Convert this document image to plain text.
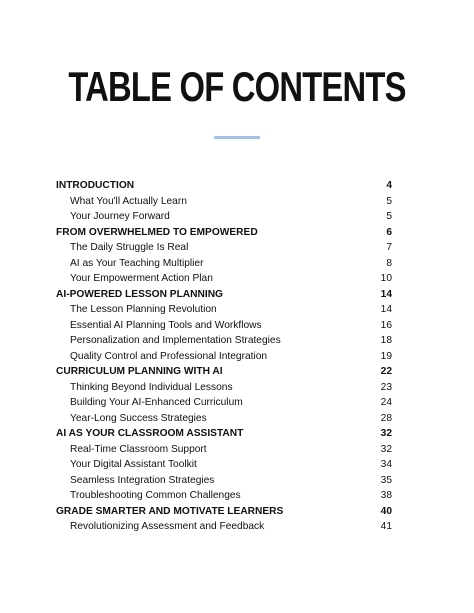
TABLE OF CONTENTS
INTRODUCTION	4
What You'll Actually Learn	5
Your Journey Forward	5
FROM OVERWHELMED TO EMPOWERED	6
The Daily Struggle Is Real	7
AI as Your Teaching Multiplier	8
Your Empowerment Action Plan	10
AI-POWERED LESSON PLANNING	14
The Lesson Planning Revolution	14
Essential AI Planning Tools and Workflows	16
Personalization and Implementation Strategies	18
Quality Control and Professional Integration	19
CURRICULUM PLANNING WITH AI	22
Thinking Beyond Individual Lessons	23
Building Your AI-Enhanced Curriculum	24
Year-Long Success Strategies	28
AI AS YOUR CLASSROOM ASSISTANT	32
Real-Time Classroom Support	32
Your Digital Assistant Toolkit	34
Seamless Integration Strategies	35
Troubleshooting Common Challenges	38
GRADE SMARTER AND MOTIVATE LEARNERS	40
Revolutionizing Assessment and Feedback	41
